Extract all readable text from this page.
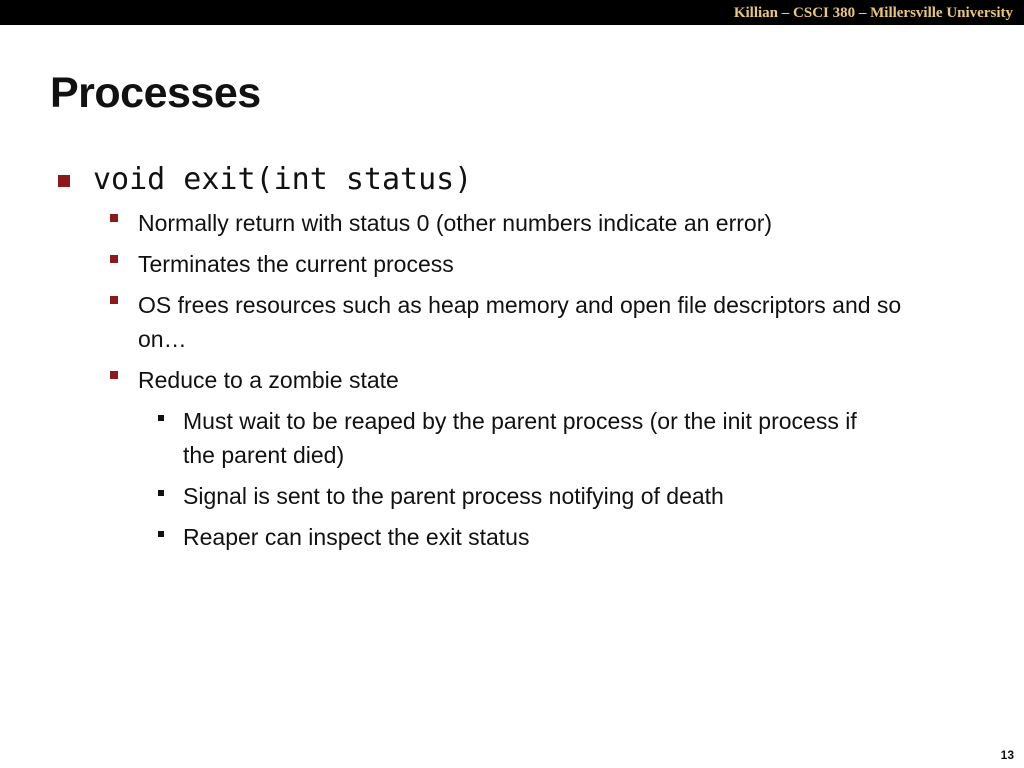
Killian – CSCI 380 – Millersville University
Processes
void exit(int status)
Normally return with status 0 (other numbers indicate an error)
Terminates the current process
OS frees resources such as heap memory and open file descriptors and so on…
Reduce to a zombie state
Must wait to be reaped by the parent process (or the init process if the parent died)
Signal is sent to the parent process notifying of death
Reaper can inspect the exit status
13
